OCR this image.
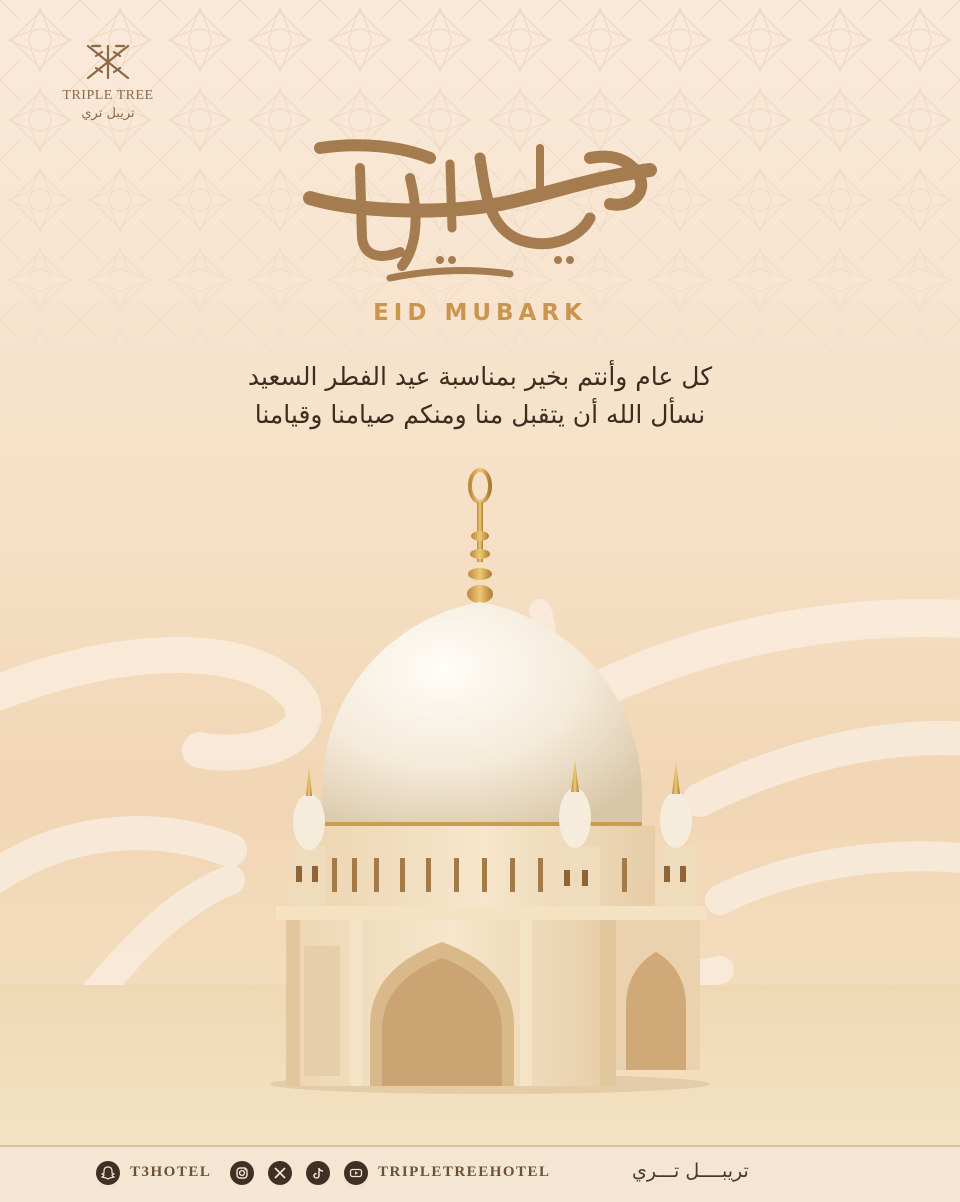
TRIPLE TREE
تريبل تري
EID MUBARK
كل عام وأنتم بخير بمناسبة عيد الفطر السعيد
نسأل الله أن يتقبل منا ومنكم صيامنا وقيامنا
T3HOTEL	TRIPLETREEHOTEL	تريبــــل تـــري
